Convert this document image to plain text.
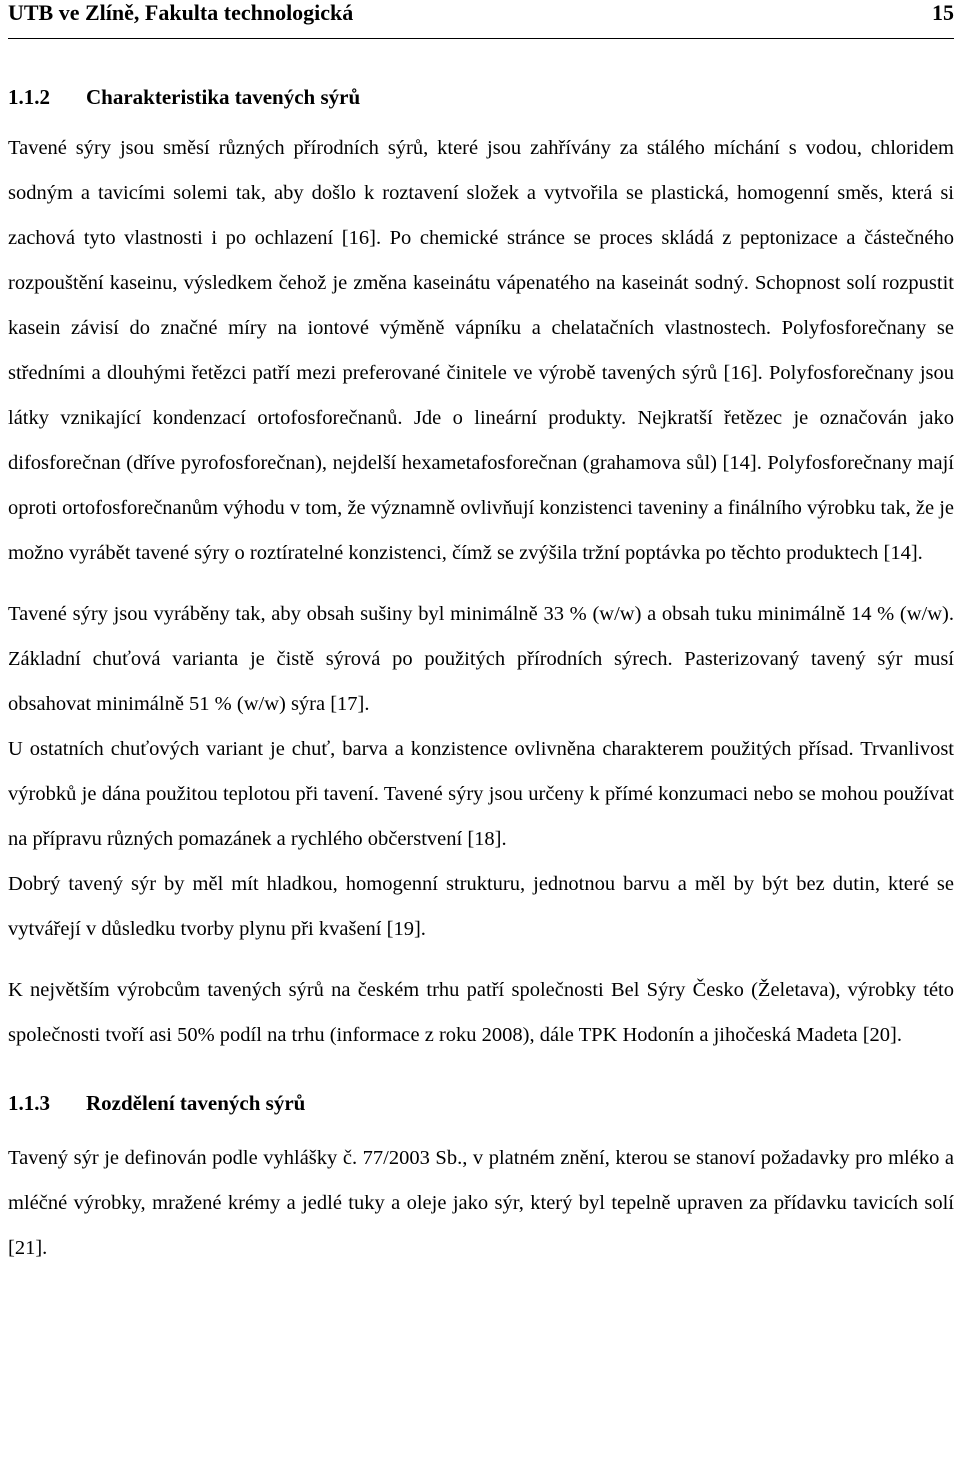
UTB ve Zlíně, Fakulta technologická	15
1.1.2	Charakteristika tavených sýrů

Tavené sýry jsou směsí různých přírodních sýrů, které jsou zahřívány za stálého míchání s vodou, chloridem sodným a tavicími solemi tak, aby došlo k roztavení složek a vytvořila se plastická, homogenní směs, která si zachová tyto vlastnosti i po ochlazení [16]. Po chemické stránce se proces skládá z peptonizace a částečného rozpouštění kaseinu, výsledkem čehož je změna kaseinátu vápenatého na kaseinát sodný. Schopnost solí rozpustit kasein závisí do značné míry na iontové výměně vápníku a chelatačních vlastnostech. Polyfosforečnany se středními a dlouhými řetězci patří mezi preferované činitele ve výrobě tavených sýrů [16]. Polyfosforečnany jsou látky vznikající kondenzací ortofosforečnanů. Jde o lineární produkty. Nejkratší řetězec je označován jako difosforečnan (dříve pyrofosforečnan), nejdelší hexametafosforečnan (grahamova sůl) [14]. Polyfosforečnany mají oproti ortofosforečnanům výhodu v tom, že významně ovlivňují konzistenci taveniny a finálního výrobku tak, že je možno vyrábět tavené sýry o roztíratelné konzistenci, čímž se zvýšila tržní poptávka po těchto produktech [14].

Tavené sýry jsou vyráběny tak, aby obsah sušiny byl minimálně 33 % (w/w) a obsah tuku minimálně 14 % (w/w). Základní chuťová varianta je čistě sýrová po použitých přírodních sýrech. Pasterizovaný tavený sýr musí obsahovat minimálně 51 % (w/w) sýra [17].

U ostatních chuťových variant je chuť, barva a konzistence ovlivněna charakterem použitých přísad. Trvanlivost výrobků je dána použitou teplotou při tavení. Tavené sýry jsou určeny k přímé konzumaci nebo se mohou používat na přípravu různých pomazánek a rychlého občerstvení [18].

Dobrý tavený sýr by měl mít hladkou, homogenní strukturu, jednotnou barvu a měl by být bez dutin, které se vytvářejí v důsledku tvorby plynu při kvašení [19].

K největším výrobcům tavených sýrů na českém trhu patří společnosti Bel Sýry Česko (Želetava), výrobky této společnosti tvoří asi 50% podíl na trhu (informace z roku 2008), dále TPK Hodonín a jihočeská Madeta [20].

1.1.3	Rozdělení tavených sýrů

Tavený sýr je definován podle vyhlášky č. 77/2003 Sb., v platném znění, kterou se stanoví požadavky pro mléko a mléčné výrobky, mražené krémy a jedlé tuky a oleje jako sýr, který byl tepelně upraven za přídavku tavicích solí [21].
